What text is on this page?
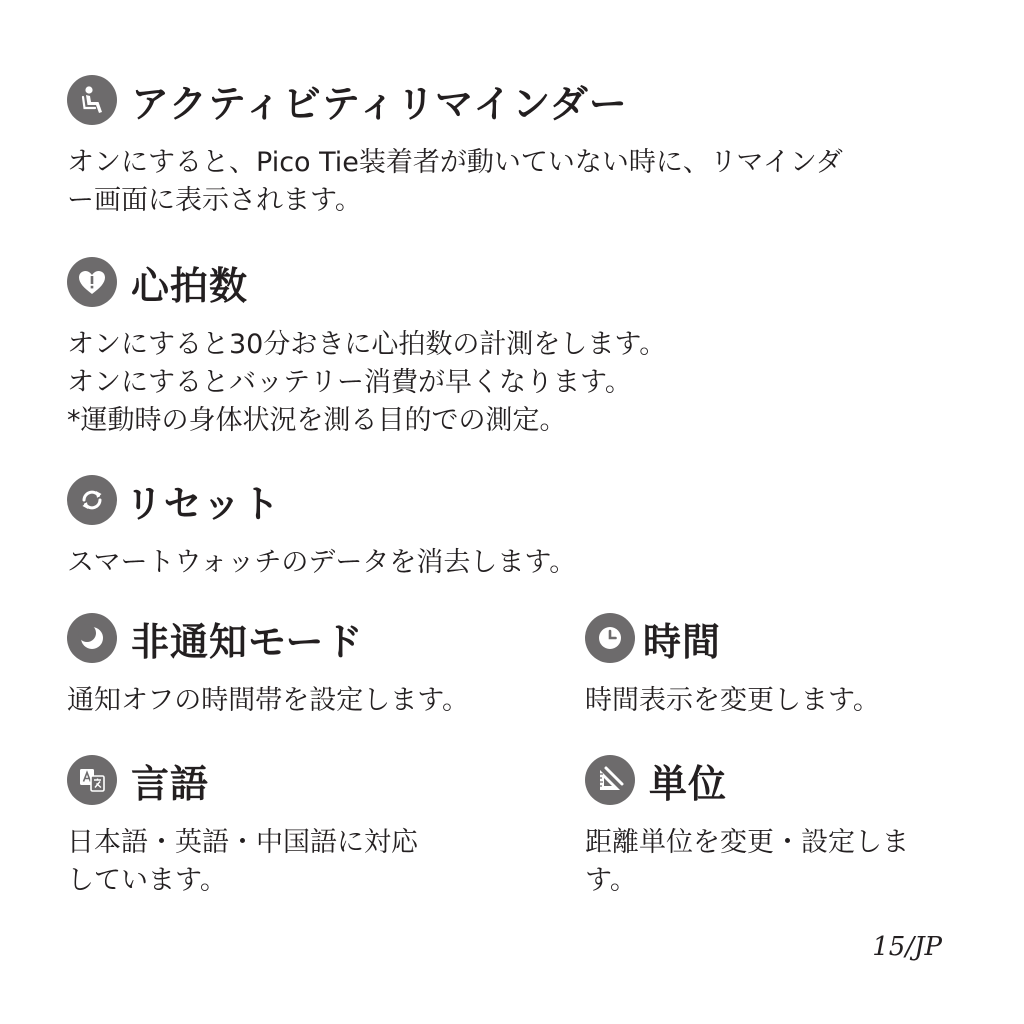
アクティビティリマインダー
オンにすると、Pico Tie装着者が動いていない時に、リマインダ
ー画面に表示されます。
心拍数
オンにすると30分おきに心拍数の計測をします。
オンにするとバッテリー消費が早くなります。
*運動時の身体状況を測る目的での測定。
リセット
スマートウォッチのデータを消去します。
非通知モード
通知オフの時間帯を設定します。
時間
時間表示を変更します。
言語
日本語・英語・中国語に対応
しています。
単位
距離単位を変更・設定しま
す。
15/JP
